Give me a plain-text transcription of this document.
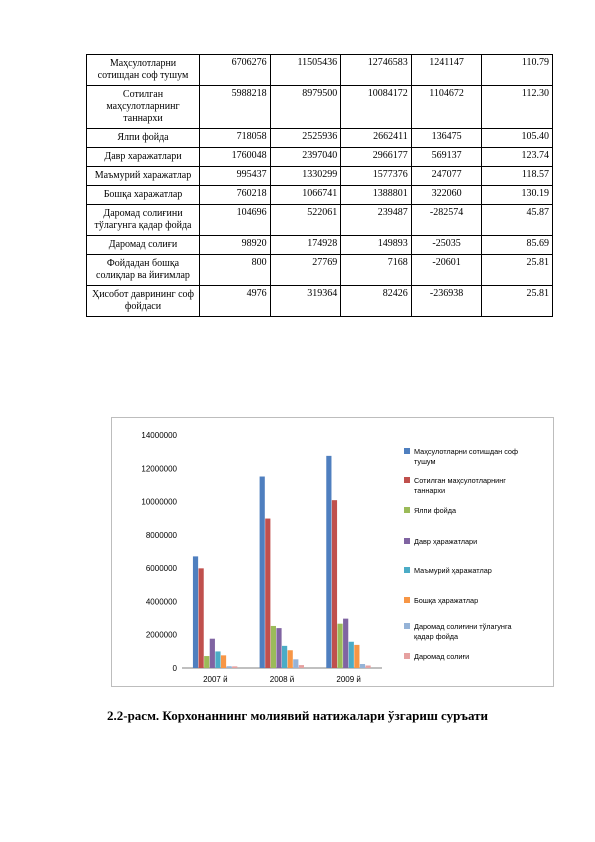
Маҳсулотларни сотишдан соф тушум	6706276	11505436	12746583	1241147	110.79
Сотилган маҳсулотларнинг таннархи	5988218	8979500	10084172	1104672	112.30
Ялпи фойда	718058	2525936	2662411	136475	105.40
Давр харажатлари	1760048	2397040	2966177	569137	123.74
Маъмурий харажатлар	995437	1330299	1577376	247077	118.57
Бошқа харажатлар	760218	1066741	1388801	322060	130.19
Даромад солиғини тўлагунга қадар фойда	104696	522061	239487	-282574	45.87
Даромад солиғи	98920	174928	149893	-25035	85.69
Фойдадан бошқа солиқлар ва йиғимлар	800	27769	7168	-20601	25.81
Ҳисобот даврининг соф фойдаси	4976	319364	82426	-236938	25.81
0
2000000
4000000
6000000
8000000
10000000
12000000
14000000
2007 й	2008 й	2009 й
Маҳсулотларни сотишдан соф тушум
Сотилган маҳсулотларнинг таннархи
Ялпи фойда
Давр ҳаражатлари
Маъмурий ҳаражатлар
Бошқа ҳаражатлар
Даромад солиғини тўлагунга қадар фойда
Даромад солиғи
2.2-расм. Корхонаннинг молиявий натижалари ўзгариш суръати
